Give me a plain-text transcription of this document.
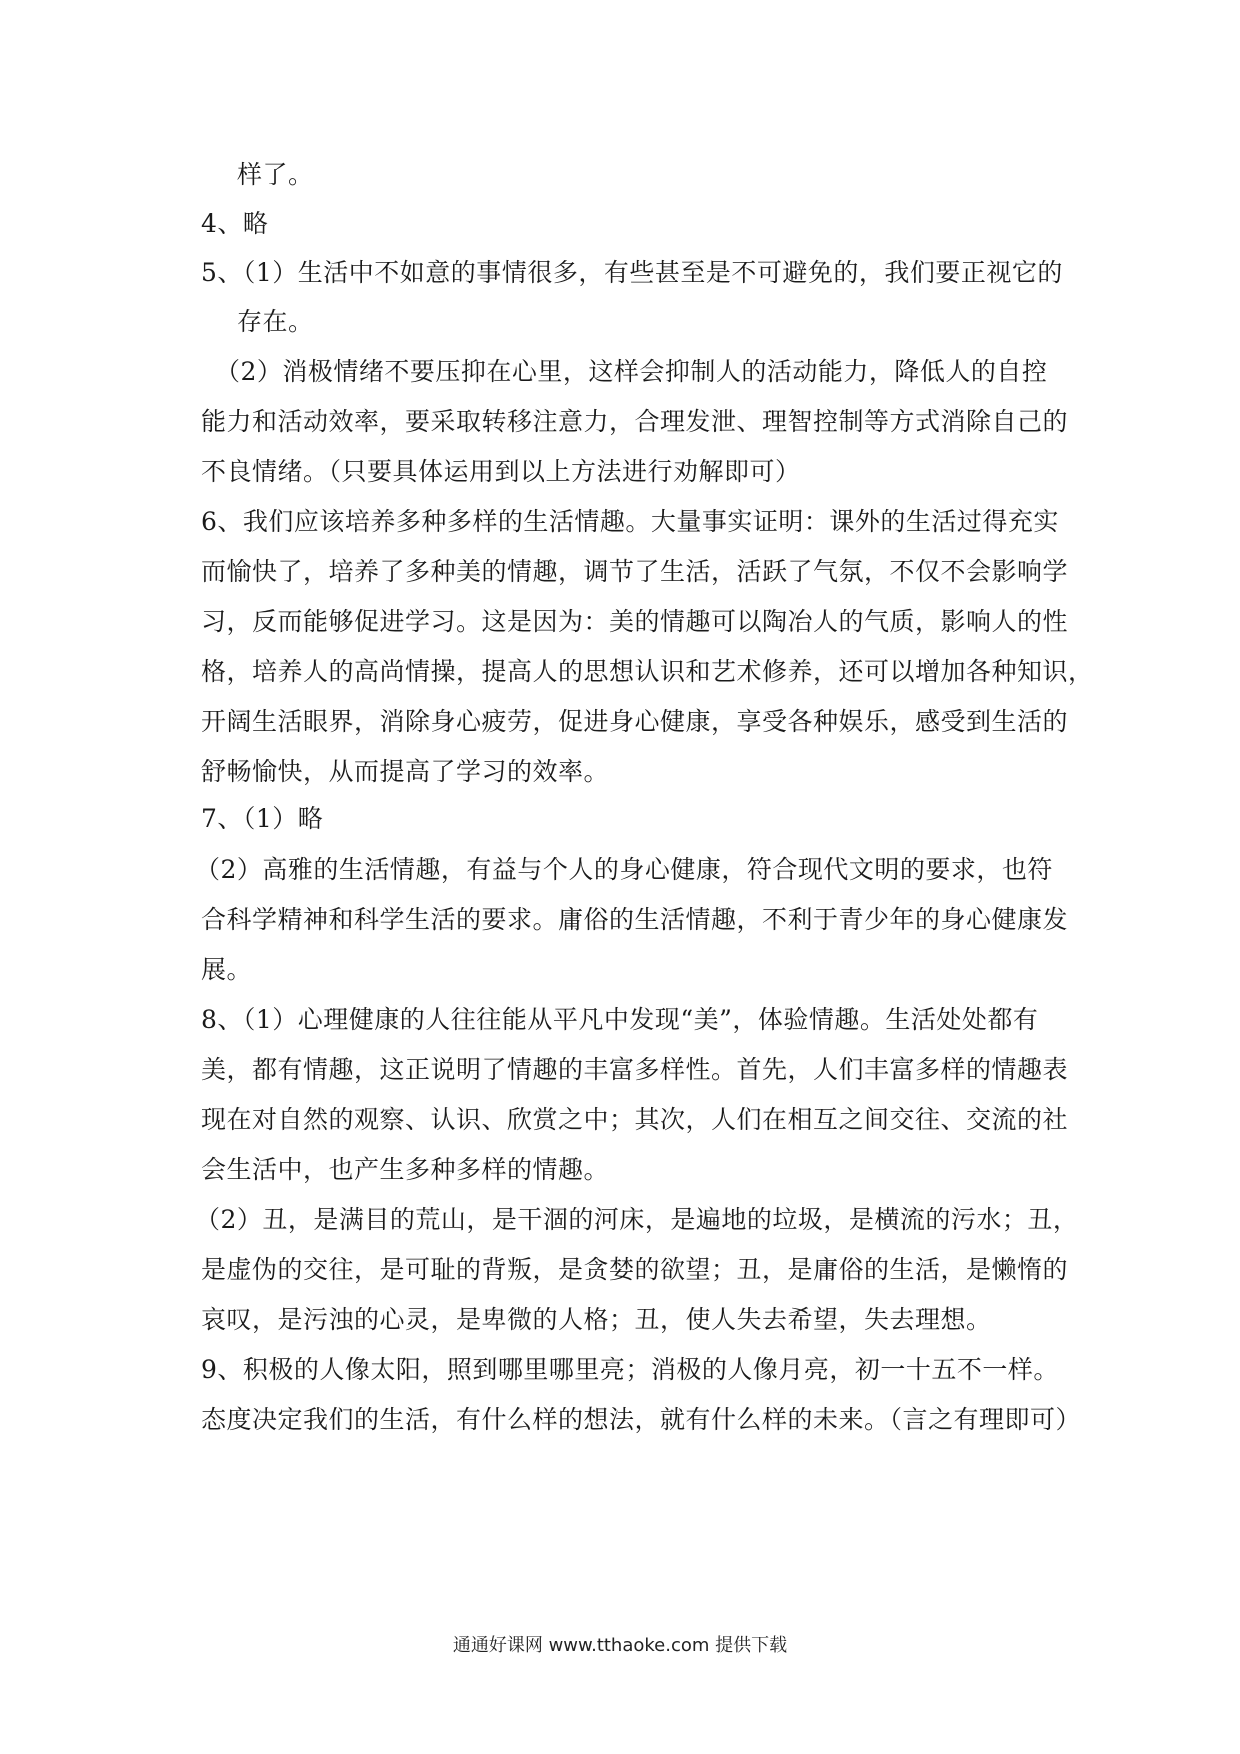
样了。
4、略
5、（1）生活中不如意的事情很多，有些甚至是不可避免的，我们要正视它的
存在。
（2）消极情绪不要压抑在心里，这样会抑制人的活动能力，降低人的自控
能力和活动效率，要采取转移注意力，合理发泄、理智控制等方式消除自己的
不良情绪。（只要具体运用到以上方法进行劝解即可）
6、我们应该培养多种多样的生活情趣。大量事实证明：课外的生活过得充实
而愉快了，培养了多种美的情趣，调节了生活，活跃了气氛，不仅不会影响学
习，反而能够促进学习。这是因为：美的情趣可以陶冶人的气质，影响人的性
格，培养人的高尚情操，提高人的思想认识和艺术修养，还可以增加各种知识，
开阔生活眼界，消除身心疲劳，促进身心健康，享受各种娱乐，感受到生活的
舒畅愉快，从而提高了学习的效率。
7、（1）略
（2）高雅的生活情趣，有益与个人的身心健康，符合现代文明的要求，也符
合科学精神和科学生活的要求。庸俗的生活情趣，不利于青少年的身心健康发
展。
8、（1）心理健康的人往往能从平凡中发现“美”，体验情趣。生活处处都有
美，都有情趣，这正说明了情趣的丰富多样性。首先，人们丰富多样的情趣表
现在对自然的观察、认识、欣赏之中；其次，人们在相互之间交往、交流的社
会生活中，也产生多种多样的情趣。
（2）丑，是满目的荒山，是干涸的河床，是遍地的垃圾，是横流的污水；丑，
是虚伪的交往，是可耻的背叛，是贪婪的欲望；丑，是庸俗的生活，是懒惰的
哀叹，是污浊的心灵，是卑微的人格；丑，使人失去希望，失去理想。
9、积极的人像太阳，照到哪里哪里亮；消极的人像月亮，初一十五不一样。
态度决定我们的生活，有什么样的想法，就有什么样的未来。（言之有理即可）
通通好课网 www.tthaoke.com 提供下载
